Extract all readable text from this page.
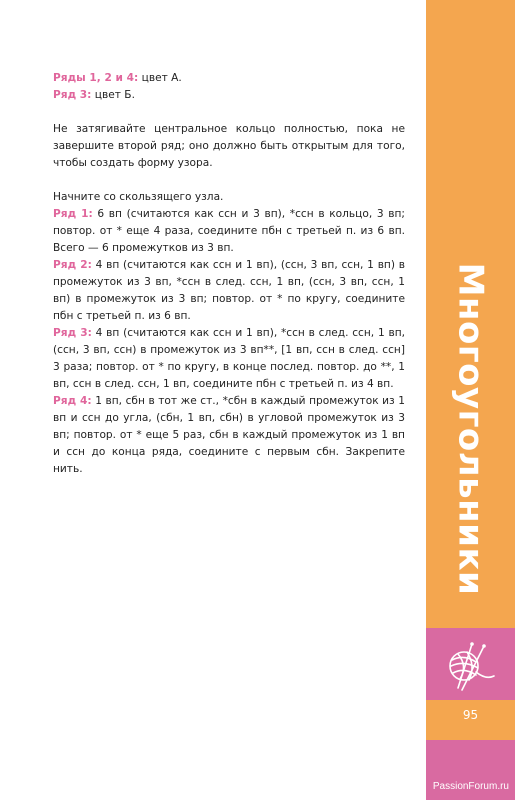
Многоугольники
95
PassionForum.ru

Ряды 1, 2 и 4: цвет А.

Ряд 3: цвет Б.

Не затягивайте центральное кольцо полностью, пока не завершите второй ряд; оно должно быть открытым для того, чтобы создать форму узора.

Начните со скользящего узла.

Ряд 1: 6 вп (считаются как ссн и 3 вп), *ссн в кольцо, 3 вп; повтор. от * еще 4 раза, соедините пбн с третьей п. из 6 вп. Всего — 6 промежутков из 3 вп.

Ряд 2: 4 вп (считаются как ссн и 1 вп), (ссн, 3 вп, ссн, 1 вп) в промежуток из 3 вп, *ссн в след. ссн, 1 вп, (ссн, 3 вп, ссн, 1 вп) в промежуток из 3 вп; повтор. от * по кругу, соедините пбн с третьей п. из 6 вп.

Ряд 3: 4 вп (считаются как ссн и 1 вп), *ссн в след. ссн, 1 вп, (ссн, 3 вп, ссн) в промежуток из 3 вп**, [1 вп, ссн в след. ссн] 3 раза; повтор. от * по кругу, в конце послед. повтор. до **, 1 вп, ссн в след. ссн, 1 вп, соедините пбн с третьей п. из 4 вп.

Ряд 4: 1 вп, сбн в тот же ст., *сбн в каждый промежуток из 1 вп и ссн до угла, (сбн, 1 вп, сбн) в угловой промежуток из 3 вп; повтор. от * еще 5 раз, сбн в каждый промежуток из 1 вп и ссн до конца ряда, соедините с первым сбн. Закрепите нить.
